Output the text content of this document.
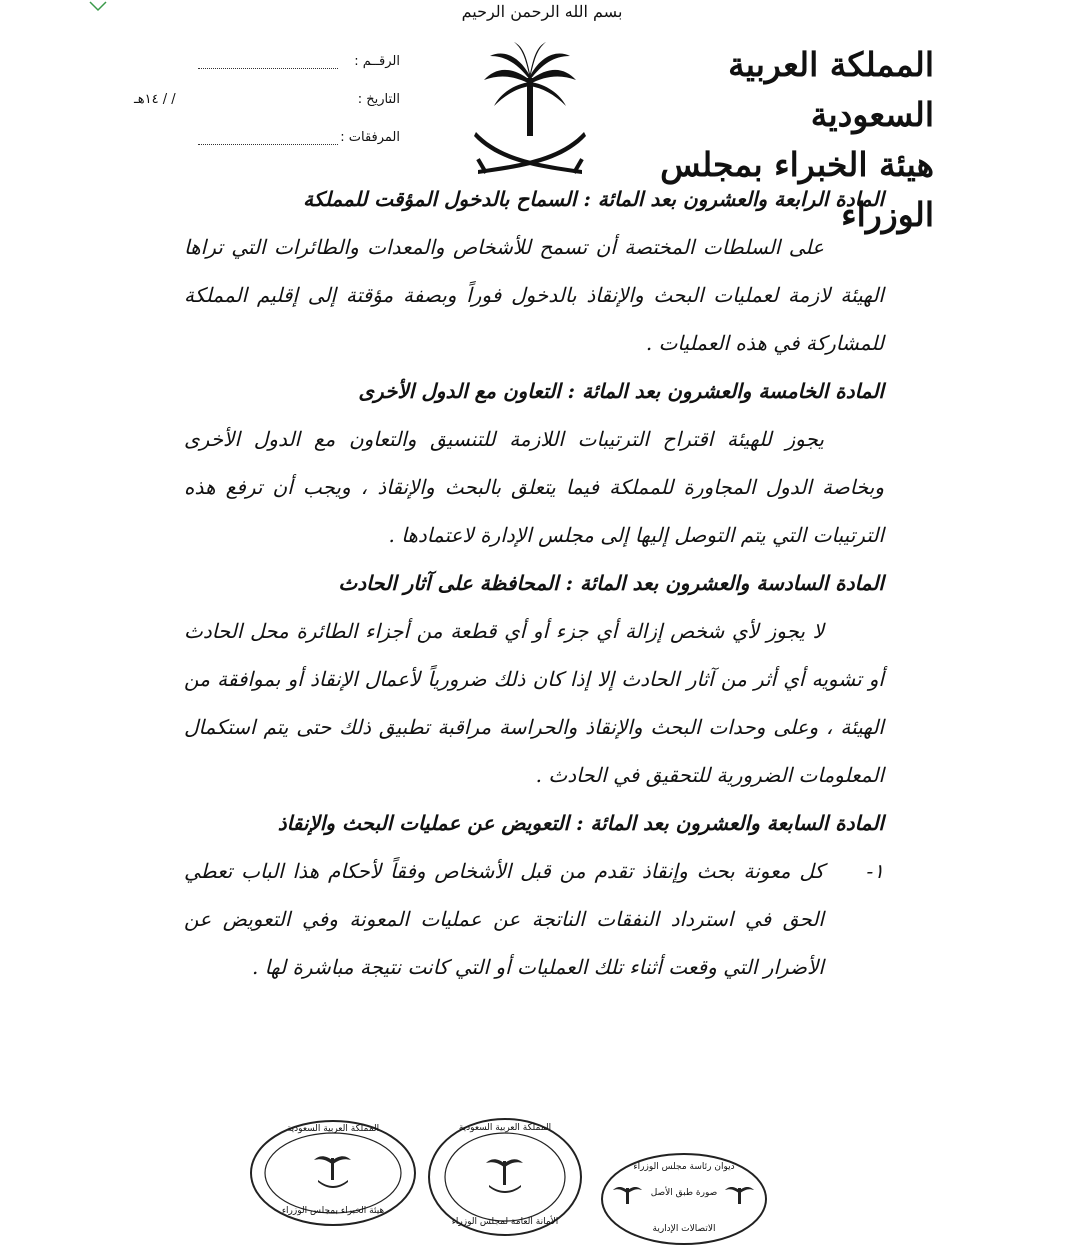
بسم الله الرحمن الرحيم
المملكة العربية السعودية
هيئة الخبراء بمجلس الوزراء
الرقــم :
التاريخ :
/ / ١٤هـ
المرفقات :
المادة الرابعة والعشرون بعد المائة : السماح بالدخول المؤقت للمملكة
على السلطات المختصة أن تسمح للأشخاص والمعدات والطائرات التي تراها الهيئة لازمة لعمليات البحث والإنقاذ بالدخول فوراً وبصفة مؤقتة إلى إقليم المملكة للمشاركة في هذه العمليات .
المادة الخامسة والعشرون بعد المائة : التعاون مع الدول الأخرى
يجوز للهيئة اقتراح الترتيبات اللازمة للتنسيق والتعاون مع الدول الأخرى وبخاصة الدول المجاورة للمملكة فيما يتعلق بالبحث والإنقاذ ، ويجب أن ترفع هذه الترتيبات التي يتم التوصل إليها إلى مجلس الإدارة لاعتمادها .
المادة السادسة والعشرون بعد المائة : المحافظة على آثار الحادث
لا يجوز لأي شخص إزالة أي جزء أو أي قطعة من أجزاء الطائرة محل الحادث أو تشويه أي أثر من آثار الحادث إلا إذا كان ذلك ضرورياً لأعمال الإنقاذ أو بموافقة من الهيئة ، وعلى وحدات البحث والإنقاذ والحراسة مراقبة تطبيق ذلك حتى يتم استكمال المعلومات الضرورية للتحقيق في الحادث .
المادة السابعة والعشرون بعد المائة : التعويض عن عمليات البحث والإنقاذ
١-
كل معونة بحث وإنقاذ تقدم من قبل الأشخاص وفقاً لأحكام هذا الباب تعطي الحق في استرداد النفقات الناتجة عن عمليات المعونة وفي التعويض عن الأضرار التي وقعت أثناء تلك العمليات أو التي كانت نتيجة مباشرة لها .
المملكة العربية السعودية
هيئة الخبراء بمجلس الوزراء
المملكة العربية السعودية
الأمانة العامة لمجلس الوزراء
ديوان رئاسة مجلس الوزراء
صورة طبق الأصل
الاتصالات الإدارية
